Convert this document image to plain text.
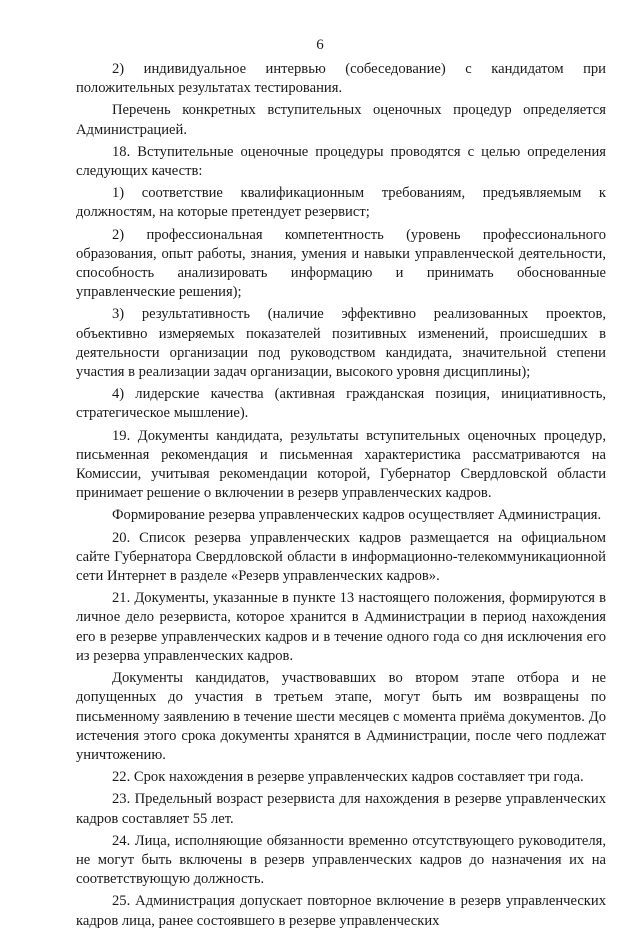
6

2) индивидуальное интервью (собеседование) с кандидатом при положительных результатах тестирования.

Перечень конкретных вступительных оценочных процедур определяется Администрацией.

18. Вступительные оценочные процедуры проводятся с целью определения следующих качеств:

1) соответствие квалификационным требованиям, предъявляемым к должностям, на которые претендует резервист;

2) профессиональная компетентность (уровень профессионального образования, опыт работы, знания, умения и навыки управленческой деятельности, способность анализировать информацию и принимать обоснованные управленческие решения);

3) результативность (наличие эффективно реализованных проектов, объективно измеряемых показателей позитивных изменений, происшедших в деятельности организации под руководством кандидата, значительной степени участия в реализации задач организации, высокого уровня дисциплины);

4) лидерские качества (активная гражданская позиция, инициативность, стратегическое мышление).

19. Документы кандидата, результаты вступительных оценочных процедур, письменная рекомендация и письменная характеристика рассматриваются на Комиссии, учитывая рекомендации которой, Губернатор Свердловской области принимает решение о включении в резерв управленческих кадров.

Формирование резерва управленческих кадров осуществляет Администрация.

20. Список резерва управленческих кадров размещается на официальном сайте Губернатора Свердловской области в информационно-телекоммуникационной сети Интернет в разделе «Резерв управленческих кадров».

21. Документы, указанные в пункте 13 настоящего положения, формируются в личное дело резервиста, которое хранится в Администрации в период нахождения его в резерве управленческих кадров и в течение одного года со дня исключения его из резерва управленческих кадров.

Документы кандидатов, участвовавших во втором этапе отбора и не допущенных до участия в третьем этапе, могут быть им возвращены по письменному заявлению в течение шести месяцев с момента приёма документов. До истечения этого срока документы хранятся в Администрации, после чего подлежат уничтожению.

22. Срок нахождения в резерве управленческих кадров составляет три года.

23. Предельный возраст резервиста для нахождения в резерве управленческих кадров составляет 55 лет.

24. Лица, исполняющие обязанности временно отсутствующего руководителя, не могут быть включены в резерв управленческих кадров до назначения их на соответствующую должность.

25. Администрация допускает повторное включение в резерв управленческих кадров лица, ранее состоявшего в резерве управленческих
